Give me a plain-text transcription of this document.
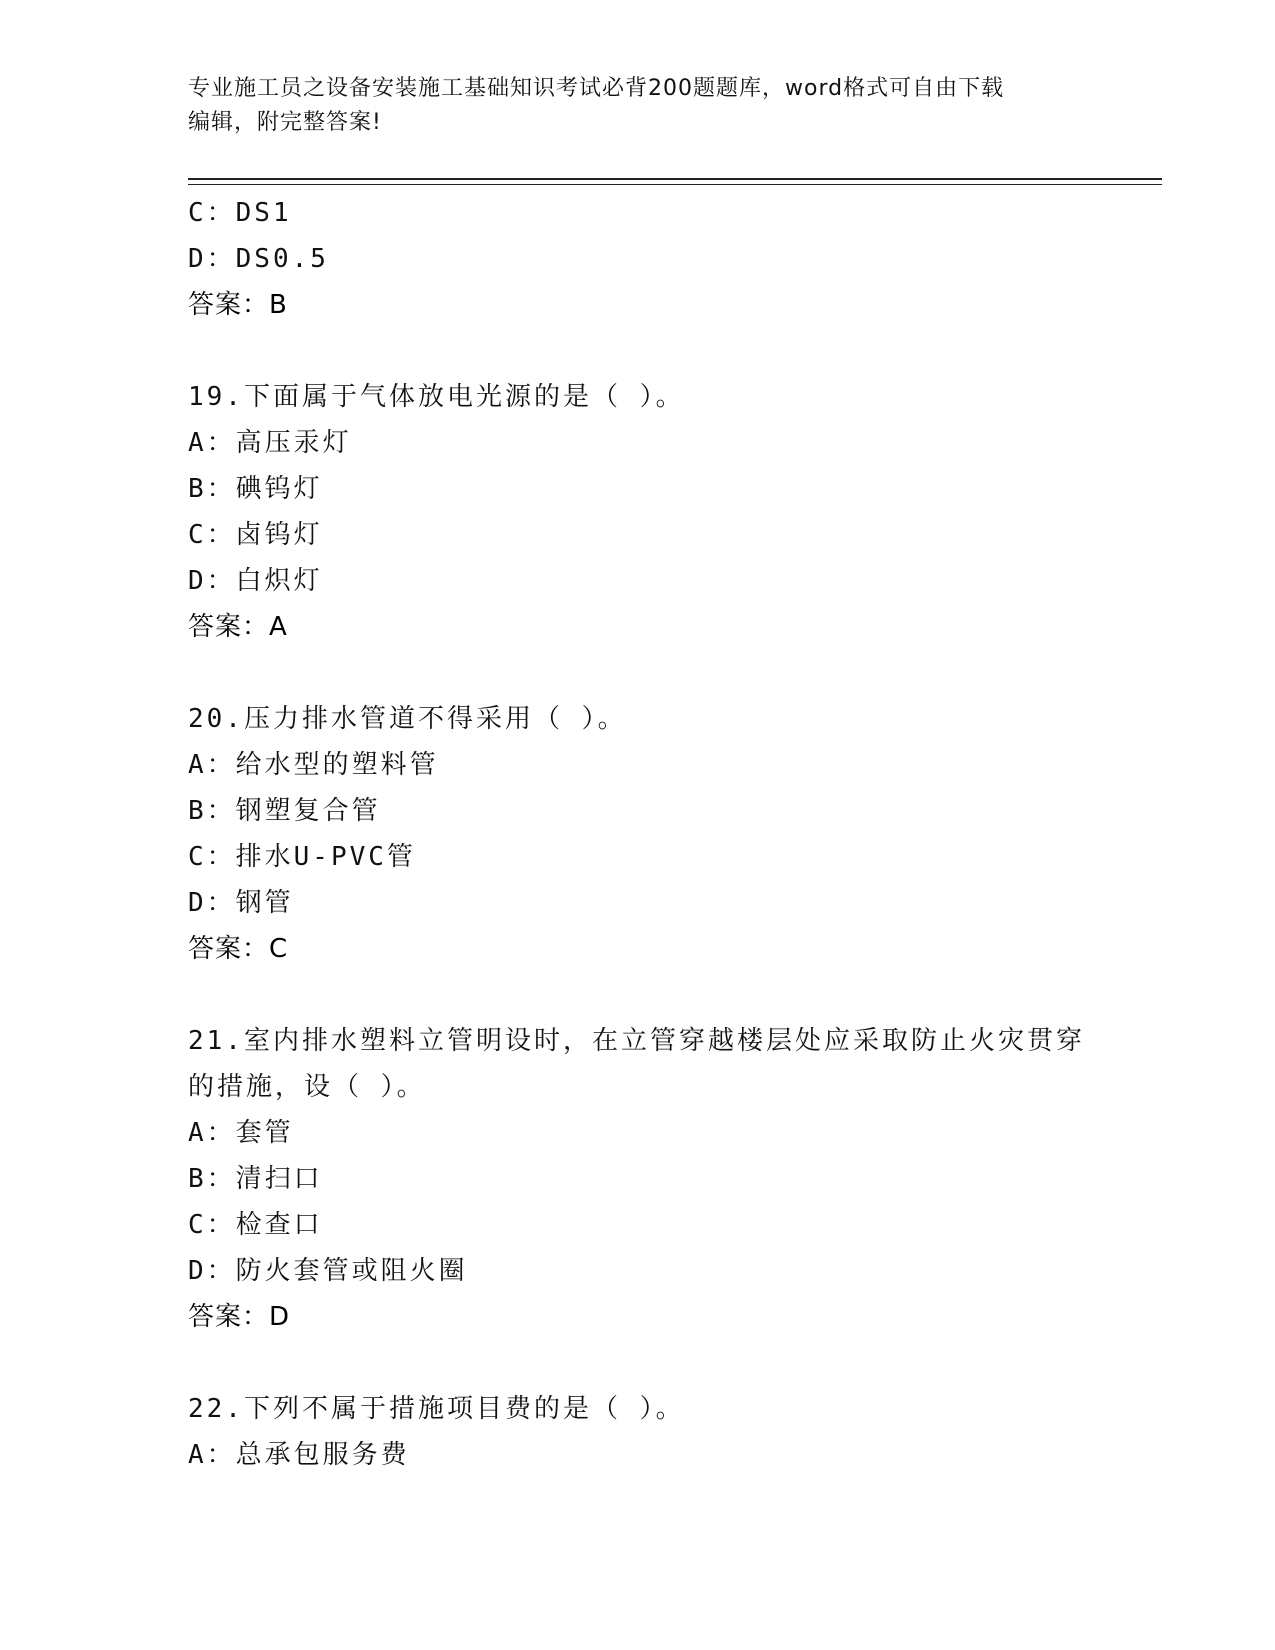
专业施工员之设备安装施工基础知识考试必背200题题库，word格式可自由下载
编辑，附完整答案!
C：DS1
D：DS0.5
答案：B
19.下面属于气体放电光源的是（ ）。
A：高压汞灯
B：碘钨灯
C：卤钨灯
D：白炽灯
答案：A
20.压力排水管道不得采用（ ）。
A：给水型的塑料管
B：钢塑复合管
C：排水U-PVC管
D：钢管
答案：C
21.室内排水塑料立管明设时，在立管穿越楼层处应采取防止火灾贯穿
的措施，设（ ）。
A：套管
B：清扫口
C：检查口
D：防火套管或阻火圈
答案：D
22.下列不属于措施项目费的是（ ）。
A：总承包服务费
